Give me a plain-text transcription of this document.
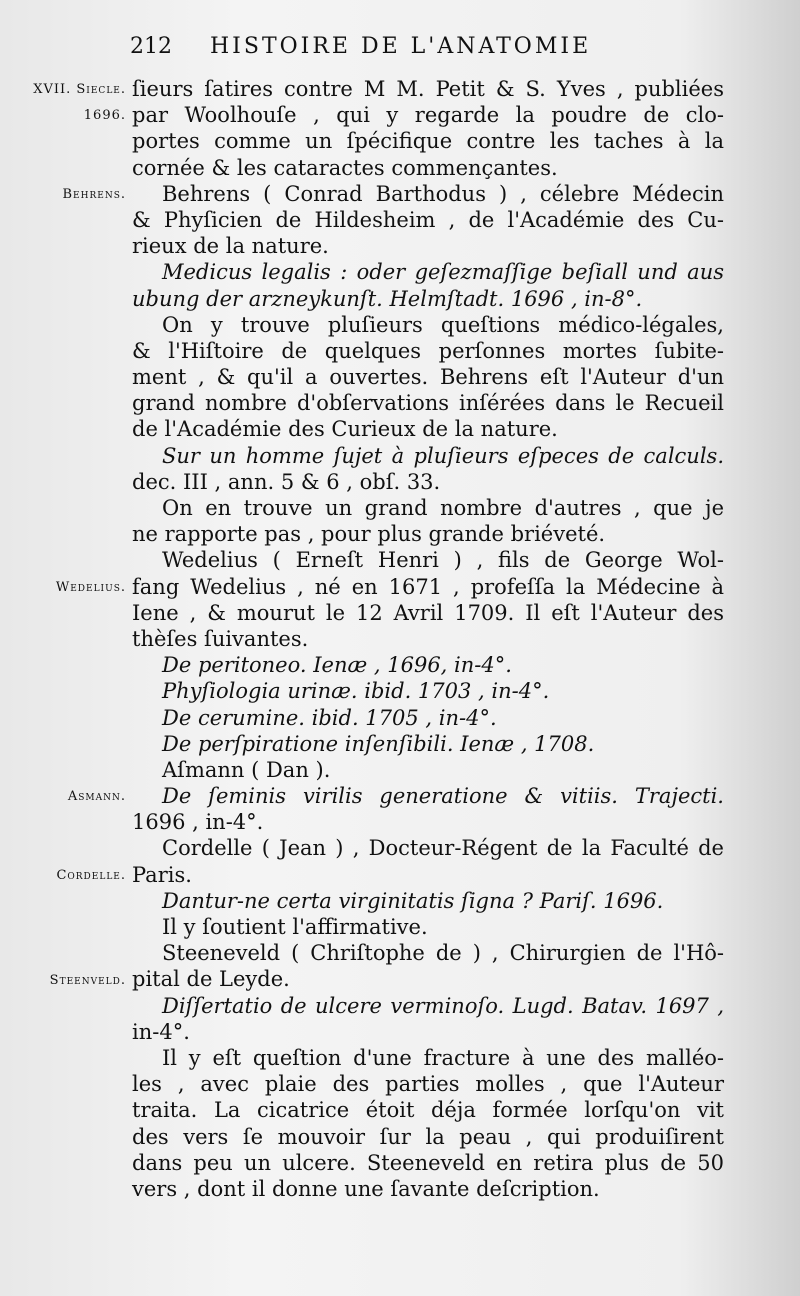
212 HISTOIRE DE L'ANATOMIE
XVII. Siecle.
1696.
Behrens.
Wedelius.
Asmann.
Cordelle.
Steenveld.
ſieurs ſatires contre M M. Petit & S. Yves , publiées
par Woolhouſe , qui y regarde la poudre de clo-
portes comme un ſpécifique contre les taches à la
cornée & les cataractes commençantes.
Behrens ( Conrad Barthodus ) , célebre Médecin
& Phyſicien de Hildesheim , de l'Académie des Cu-
rieux de la nature.
Medicus legalis : oder geſezmaſſige beſiall und aus
ubung der arzneykunſt. Helmſtadt. 1696 , in-8°.
On y trouve pluſieurs queſtions médico-légales,
& l'Hiſtoire de quelques perſonnes mortes ſubite-
ment , & qu'il a ouvertes. Behrens eſt l'Auteur d'un
grand nombre d'obſervations inſérées dans le Recueil
de l'Académie des Curieux de la nature.
Sur un homme ſujet à pluſieurs eſpeces de calculs.
dec. III , ann. 5 & 6 , obſ. 33.
On en trouve un grand nombre d'autres , que je
ne rapporte pas , pour plus grande briéveté.
Wedelius ( Erneſt Henri ) , fils de George Wol-
fang Wedelius , né en 1671 , profeſſa la Médecine à
Iene , & mourut le 12 Avril 1709. Il eſt l'Auteur des
thèſes ſuivantes.
De peritoneo. Ienæ , 1696, in-4°.
Phyſiologia urinæ. ibid. 1703 , in-4°.
De cerumine. ibid. 1705 , in-4°.
De perſpiratione inſenſibili. Ienæ , 1708.
Aſmann ( Dan ).
De ſeminis virilis generatione & vitiis. Trajecti.
1696 , in-4°.
Cordelle ( Jean ) , Docteur-Régent de la Faculté de
Paris.
Dantur-ne certa virginitatis ſigna ? Pariſ. 1696.
Il y ſoutient l'affirmative.
Steeneveld ( Chriſtophe de ) , Chirurgien de l'Hô-
pital de Leyde.
Diſſertatio de ulcere verminoſo. Lugd. Batav. 1697 ,
in-4°.
Il y eſt queſtion d'une fracture à une des malléo-
les , avec plaie des parties molles , que l'Auteur
traita. La cicatrice étoit déja formée lorſqu'on vit
des vers ſe mouvoir ſur la peau , qui produiſirent
dans peu un ulcere. Steeneveld en retira plus de 50
vers , dont il donne une ſavante deſcription.
